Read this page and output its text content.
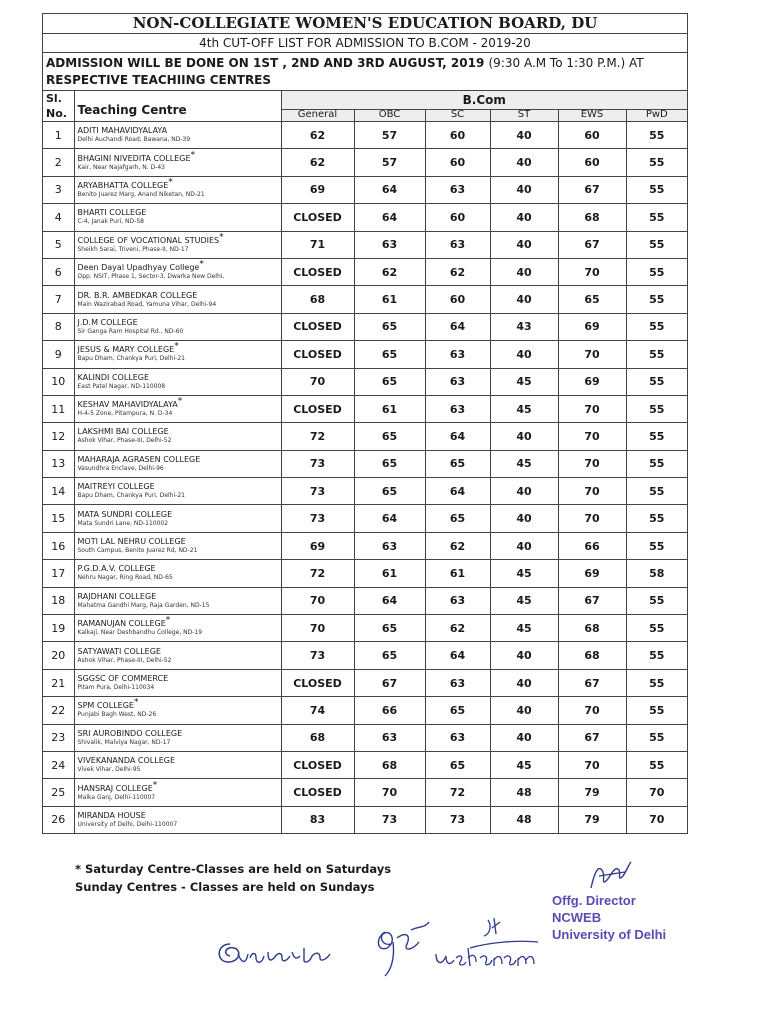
NON-COLLEGIATE WOMEN'S EDUCATION BOARD, DU
4th CUT-OFF LIST FOR ADMISSION TO B.COM - 2019-20
ADMISSION WILL BE DONE ON 1ST , 2ND AND 3RD AUGUST, 2019 (9:30 A.M To 1:30 P.M.) AT
RESPECTIVE TEACHIING CENTRES
Sl.
No.	Teaching Centre	B.Com					
		General	OBC	SC	ST	EWS	PwD
1	ADITI MAHAVIDYALAYA
Delhi Auchandi Road, Bawana, ND-39	62	57	60	40	60	55
2	BHAGINI NIVEDITA COLLEGE*
Kair, Near Najafgarh, N. D-43	62	57	60	40	60	55
3	ARYABHATTA COLLEGE*
Benito Juarez Marg, Anand Niketan, ND-21	69	64	63	40	67	55
4	BHARTI COLLEGE
C-4, Janak Puri, ND-58	CLOSED	64	60	40	68	55
5	COLLEGE OF VOCATIONAL STUDIES*
Sheikh Sarai, Triveni, Phase-II, ND-17	71	63	63	40	67	55
6	Deen Dayal Upadhyay College*
Opp. NSIT, Phase 1, Sector-3, Dwarka New Delhi,	CLOSED	62	62	40	70	55
7	DR. B.R. AMBEDKAR COLLEGE
Main Wazirabad Road, Yamuna Vihar, Delhi-94	68	61	60	40	65	55
8	J.D.M COLLEGE
Sir Ganga Ram Hospital Rd., ND-60	CLOSED	65	64	43	69	55
9	JESUS & MARY COLLEGE*
Bapu Dham, Chankya Puri, Delhi-21	CLOSED	65	63	40	70	55
10	KALINDI COLLEGE
East Patel Nagar, ND-110008	70	65	63	45	69	55
11	KESHAV MAHAVIDYALAYA*
H-4-5 Zone, Pitampura, N. D-34	CLOSED	61	63	45	70	55
12	LAKSHMI BAI COLLEGE
Ashok Vihar, Phase-III, Delhi-52	72	65	64	40	70	55
13	MAHARAJA AGRASEN COLLEGE
Vasundhra Enclave, Delhi-96	73	65	65	45	70	55
14	MAITREYI COLLEGE
Bapu Dham, Chankya Puri, Delhi-21	73	65	64	40	70	55
15	MATA SUNDRI COLLEGE
Mata Sundri Lane, ND-110002	73	64	65	40	70	55
16	MOTI LAL NEHRU COLLEGE
South Campus, Benito Juarez Rd, ND-21	69	63	62	40	66	55
17	P.G.D.A.V. COLLEGE
Nehru Nagar, Ring Road, ND-65	72	61	61	45	69	58
18	RAJDHANI COLLEGE
Mahatma Gandhi Marg, Raja Garden, ND-15	70	64	63	45	67	55
19	RAMANUJAN COLLEGE*
Kalkaji, Near Deshbandhu College, ND-19	70	65	62	45	68	55
20	SATYAWATI COLLEGE
Ashok Vihar, Phase-III, Delhi-52	73	65	64	40	68	55
21	SGGSC OF COMMERCE
Pitam Pura, Delhi-110034	CLOSED	67	63	40	67	55
22	SPM COLLEGE*
Punjabi Bagh West, ND-26	74	66	65	40	70	55
23	SRI AUROBINDO COLLEGE
Shivalik, Malviya Nagar, ND-17	68	63	63	40	67	55
24	VIVEKANANDA COLLEGE
Vivek Vihar, Delhi-95	CLOSED	68	65	45	70	55
25	HANSRAJ COLLEGE*
Malka Ganj, Delhi-110007	CLOSED	70	72	48	79	70
26	MIRANDA HOUSE
University of Delhi, Delhi-110007	83	73	73	48	79	70
* Saturday Centre-Classes are held on Saturdays
Sunday Centres - Classes are held on Sundays
Offg. Director
NCWEB
University of Delhi
